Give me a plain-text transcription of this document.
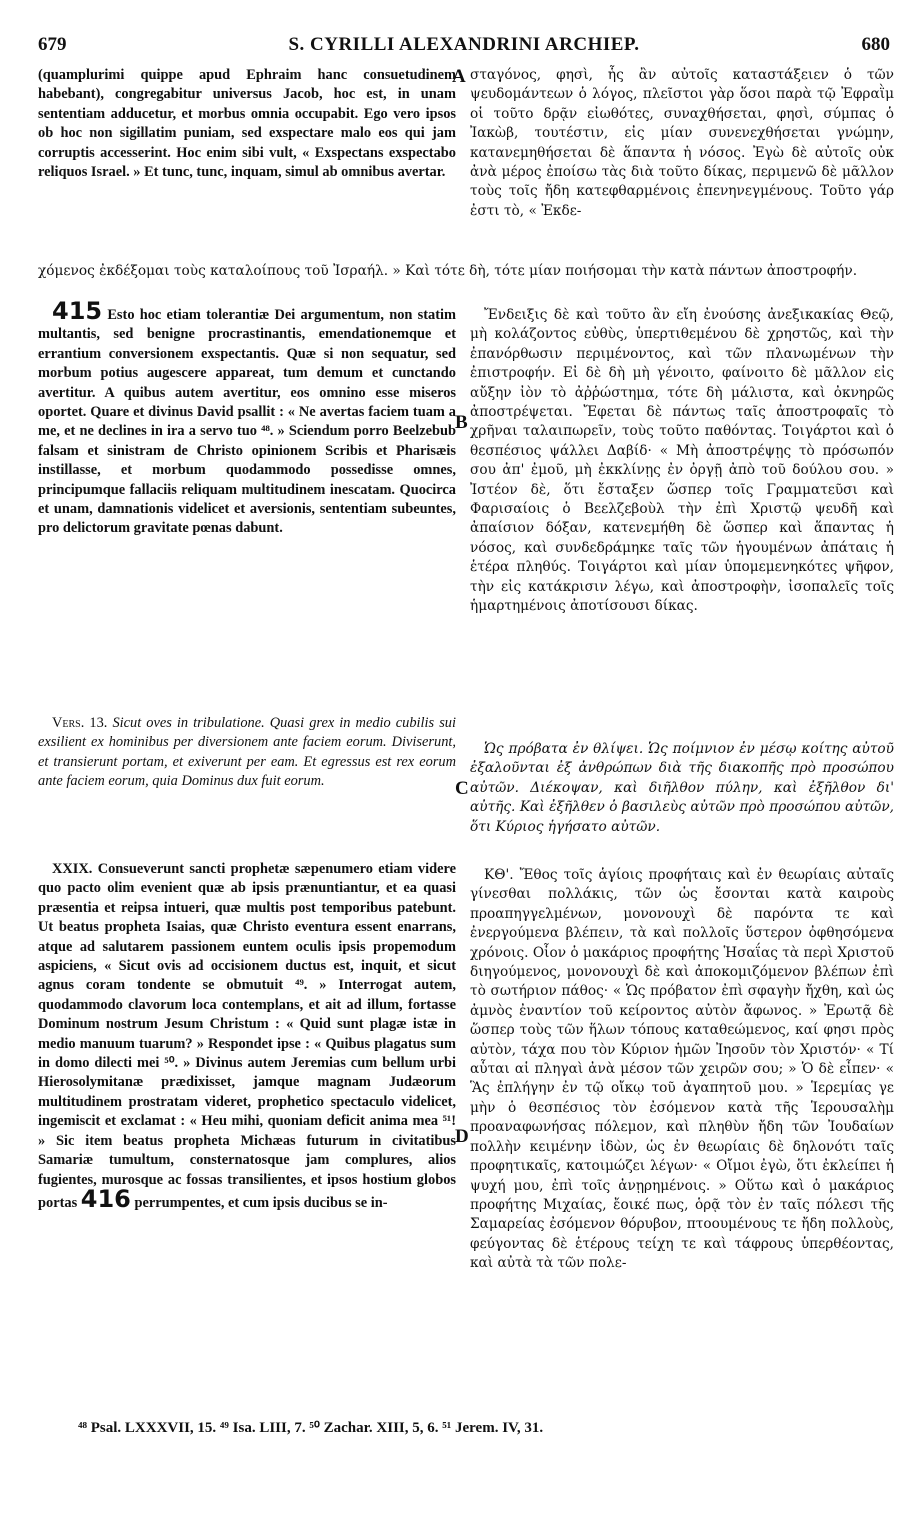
679	S. CYRILLI ALEXANDRINI ARCHIEP.	680
A
B
C
D

(quamplurimi quippe apud Ephraim hanc consuetudinem habebant), congregabitur universus Jacob, hoc est, in unam sententiam adducetur, et morbus omnia occupabit. Ego vero ipsos ob hoc non sigillatim puniam, sed exspectare malo eos qui jam corruptis accesserint. Hoc enim sibi vult, « Exspectans exspectabo reliquos Israel. » Et tunc, tunc, inquam, simul ab omnibus avertar.

σταγόνος, φησὶ, ἧς ἂν αὐτοῖς καταστάξειεν ὁ τῶν ψευδομάντεων ὁ λόγος, πλεῖστοι γὰρ ὅσοι παρὰ τῷ Ἐφραῒμ οἱ τοῦτο δρᾷν εἰωθότες, συναχθήσεται, φησὶ, σύμπας ὁ Ἰακὼβ, τουτέστιν, εἰς μίαν συνενεχθήσεται γνώμην, κατανεμηθήσεται δὲ ἅπαντα ἡ νόσος. Ἐγὼ δὲ αὐτοῖς οὐκ ἀνὰ μέρος ἐποίσω τὰς διὰ τοῦτο δίκας, περιμενῶ δὲ μᾶλλον τοὺς τοῖς ἤδη κατεφθαρμένοις ἐπενηνεγμένους. Τοῦτο γάρ ἐστι τὸ, « Ἐκδε-

χόμενος ἐκδέξομαι τοὺς καταλοίπους τοῦ Ἰσραήλ. » Καὶ τότε δὴ, τότε μίαν ποιήσομαι τὴν κατὰ πάντων ἀποστροφήν.

415 Esto hoc etiam tolerantiæ Dei argumentum, non statim multantis, sed benigne procrastinantis, emendationemque et errantium conversionem exspectantis. Quæ si non sequatur, sed morbum potius augescere appareat, tum demum et cunctando avertitur. A quibus autem avertitur, eos omnino esse miseros oportet. Quare et divinus David psallit : « Ne avertas faciem tuam a me, et ne declines in ira a servo tuo ⁴⁸. » Sciendum porro Beelzebub falsam et sinistram de Christo opinionem Scribis et Pharisæis instillasse, et morbum quodammodo possedisse omnes, principumque fallaciis reliquam multitudinem inescatam. Quocirca et unam, damnationis videlicet et aversionis, sententiam subeuntes, pro delictorum gravitate pœnas dabunt.

Ἔνδειξις δὲ καὶ τοῦτο ἂν εἴη ἐνούσης ἀνεξικακίας Θεῷ, μὴ κολάζοντος εὐθὺς, ὑπερτιθεμένου δὲ χρηστῶς, καὶ τὴν ἐπανόρθωσιν περιμένοντος, καὶ τῶν πλανωμένων τὴν ἐπιστροφήν. Εἰ δὲ δὴ μὴ γένοιτο, φαίνοιτο δὲ μᾶλλον εἰς αὔξην ἰὸν τὸ ἀῤῥώστημα, τότε δὴ μάλιστα, καὶ ὀκνηρῶς ἀποστρέψεται. Ἔφεται δὲ πάντως ταῖς ἀποστροφαῖς τὸ χρῆναι ταλαιπωρεῖν, τοὺς τοῦτο παθόντας. Τοιγάρτοι καὶ ὁ θεσπέσιος ψάλλει Δαβίδ· « Μὴ ἀποστρέψῃς τὸ πρόσωπόν σου ἀπ' ἐμοῦ, μὴ ἐκκλίνῃς ἐν ὀργῇ ἀπὸ τοῦ δούλου σου. » Ἰστέον δὲ, ὅτι ἔσταξεν ὥσπερ τοῖς Γραμματεῦσι καὶ Φαρισαίοις ὁ Βεελζεβοὺλ τὴν ἐπὶ Χριστῷ ψευδῆ καὶ ἀπαίσιον δόξαν, κατενεμήθη δὲ ὥσπερ καὶ ἅπαντας ἡ νόσος, καὶ συνδεδράμηκε ταῖς τῶν ἡγουμένων ἀπάταις ἡ ἑτέρα πληθύς. Τοιγάρτοι καὶ μίαν ὑπομεμενηκότες ψῆφον, τὴν εἰς κατάκρισιν λέγω, καὶ ἀποστροφὴν, ἰσοπαλεῖς τοῖς ἡμαρτημένοις ἀποτίσουσι δίκας.

Vers. 13. Sicut oves in tribulatione. Quasi grex in medio cubilis sui exsilient ex hominibus per diversionem ante faciem eorum. Diviserunt, et transierunt portam, et exiverunt per eam. Et egressus est rex eorum ante faciem eorum, quia Dominus dux fuit eorum.

Ὡς πρόβατα ἐν θλίψει. Ὡς ποίμνιον ἐν μέσῳ κοίτης αὐτοῦ ἐξαλοῦνται ἐξ ἀνθρώπων διὰ τῆς διακοπῆς πρὸ προσώπου αὐτῶν. Διέκοψαν, καὶ διῆλθον πύλην, καὶ ἐξῆλθον δι' αὐτῆς. Καὶ ἐξῆλθεν ὁ βασιλεὺς αὐτῶν πρὸ προσώπου αὐτῶν, ὅτι Κύριος ἡγήσατο αὐτῶν.

XXIX. Consueverunt sancti prophetæ sæpenumero etiam videre quo pacto olim evenient quæ ab ipsis prænuntiantur, et ea quasi præsentia et reipsa intueri, quæ multis post temporibus patebunt. Ut beatus propheta Isaias, quæ Christo eventura essent enarrans, atque ad salutarem passionem euntem oculis ipsis propemodum aspiciens, « Sicut ovis ad occisionem ductus est, inquit, et sicut agnus coram tondente se obmutuit ⁴⁹. » Interrogat autem, quodammodo clavorum loca contemplans, et ait ad illum, fortasse Dominum nostrum Jesum Christum : « Quid sunt plagæ istæ in medio manuum tuarum? » Respondet ipse : « Quibus plagatus sum in domo dilecti mei ⁵⁰. » Divinus autem Jeremias cum bellum urbi Hierosolymitanæ prædixisset, jamque magnam Judæorum multitudinem prostratam videret, prophetico spectaculo videlicet, ingemiscit et exclamat : « Heu mihi, quoniam deficit anima mea ⁵¹! » Sic item beatus propheta Michæas futurum in civitatibus Samariæ tumultum, consternatosque jam complures, alios fugientes, murosque ac fossas transilientes, et ipsos hostium globos portas 416 perrumpentes, et cum ipsis ducibus se in-

ΚΘ'. Ἔθος τοῖς ἁγίοις προφήταις καὶ ἐν θεωρίαις αὐταῖς γίνεσθαι πολλάκις, τῶν ὡς ἔσονται κατὰ καιροὺς προαπηγγελμένων, μονονουχὶ δὲ παρόντα τε καὶ ἐνεργούμενα βλέπειν, τὰ καὶ πολλοῖς ὕστερον ὀφθησόμενα χρόνοις. Οἷον ὁ μακάριος προφήτης Ἡσαΐας τὰ περὶ Χριστοῦ διηγούμενος, μονονουχὶ δὲ καὶ ἀποκομιζόμενον βλέπων ἐπὶ τὸ σωτήριον πάθος· « Ὡς πρόβατον ἐπὶ σφαγὴν ἤχθη, καὶ ὡς ἀμνὸς ἐναντίον τοῦ κείροντος αὐτὸν ἄφωνος. » Ἐρωτᾷ δὲ ὥσπερ τοὺς τῶν ἥλων τόπους καταθεώμενος, καί φησι πρὸς αὐτὸν, τάχα που τὸν Κύριον ἡμῶν Ἰησοῦν τὸν Χριστόν· « Τί αὗται αἱ πληγαὶ ἀνὰ μέσον τῶν χειρῶν σου; » Ὁ δὲ εἶπεν· « Ἃς ἐπλήγην ἐν τῷ οἴκῳ τοῦ ἀγαπητοῦ μου. » Ἱερεμίας γε μὴν ὁ θεσπέσιος τὸν ἐσόμενον κατὰ τῆς Ἱερουσαλὴμ προαναφωνήσας πόλεμον, καὶ πληθὺν ἤδη τῶν Ἰουδαίων πολλὴν κειμένην ἰδὼν, ὡς ἐν θεωρίαις δὲ δηλονότι ταῖς προφητικαῖς, κατοιμώζει λέγων· « Οἴμοι ἐγὼ, ὅτι ἐκλείπει ἡ ψυχή μου, ἐπὶ τοῖς ἀνῃρημένοις. » Οὕτω καὶ ὁ μακάριος προφήτης Μιχαίας, ἔοικέ πως, ὁρᾷ τὸν ἐν ταῖς πόλεσι τῆς Σαμαρείας ἐσόμενον θόρυβον, πτοουμένους τε ἤδη πολλοὺς, φεύγοντας δὲ ἑτέρους τείχη τε καὶ τάφρους ὑπερθέοντας, καὶ αὐτὰ τὰ τῶν πολε-

⁴⁸ Psal. LXXXVII, 15. ⁴⁹ Isa. LIII, 7. ⁵⁰ Zachar. XIII, 5, 6. ⁵¹ Jerem. IV, 31.
